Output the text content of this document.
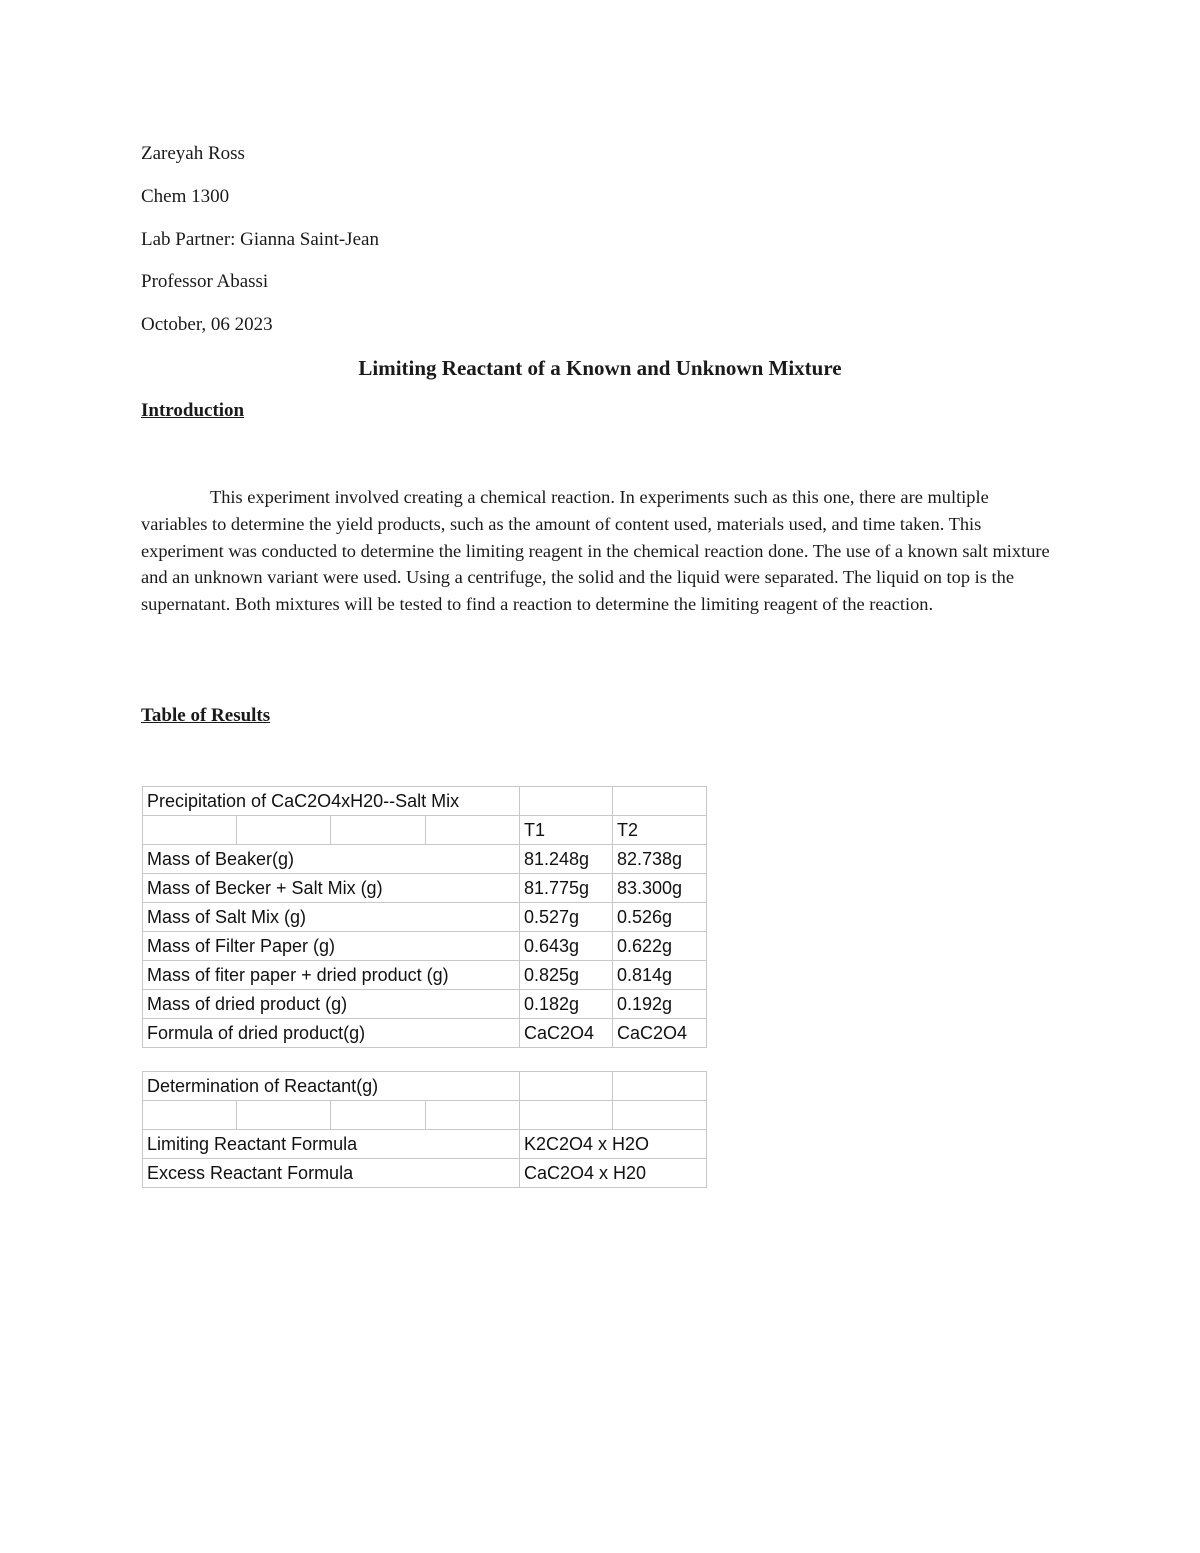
Zareyah Ross
Chem 1300
Lab Partner: Gianna Saint-Jean
Professor Abassi
October, 06 2023
Limiting Reactant of a Known and Unknown Mixture
Introduction
This experiment involved creating a chemical reaction. In experiments such as this one, there are multiple variables to determine the yield products, such as the amount of content used, materials used, and time taken. This experiment was conducted to determine the limiting reagent in the chemical reaction done. The use of a known salt mixture and an unknown variant were used. Using a centrifuge, the solid and the liquid were separated. The liquid on top is the supernatant. Both mixtures will be tested to find a reaction to determine the limiting reagent of the reaction.
Table of Results
Precipitation of CaC2O4xH20--Salt Mix					
				T1	T2
Mass of Beaker(g)				81.248g	82.738g
Mass of Becker + Salt Mix (g)				81.775g	83.300g
Mass of Salt Mix (g)				0.527g	0.526g
Mass of Filter Paper (g)				0.643g	0.622g
Mass of fiter paper + dried product (g)				0.825g	0.814g
Mass of dried product (g)				0.182g	0.192g
Formula of dried product(g)				CaC2O4	CaC2O4
Determination of Reactant(g)					

Limiting Reactant Formula				K2C2O4 x H2O	
Excess Reactant Formula				CaC2O4 x H20	
